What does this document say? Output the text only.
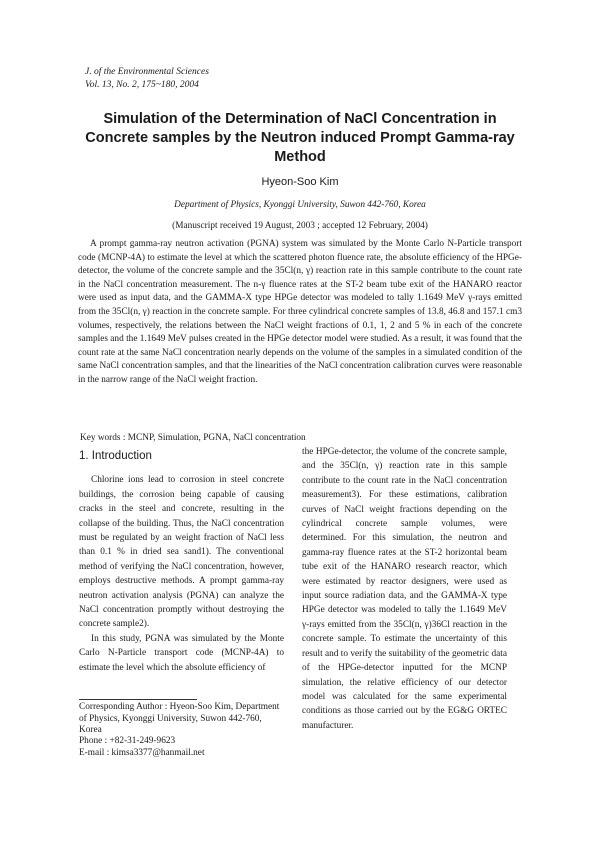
J. of the Environmental Sciences
Vol. 13, No. 2, 175~180, 2004
Simulation of the Determination of NaCl Concentration in
Concrete samples by the Neutron induced Prompt Gamma-ray
Method
Hyeon-Soo Kim
Department of Physics, Kyonggi University, Suwon 442-760, Korea
(Manuscript received 19 August, 2003 ; accepted 12 February, 2004)

A prompt gamma-ray neutron activation (PGNA) system was simulated by the Monte Carlo N-Particle transport code (MCNP-4A) to estimate the level at which the scattered photon fluence rate, the absolute efficiency of the HPGe-detector, the volume of the concrete sample and the 35Cl(n, γ) reaction rate in this sample contribute to the count rate in the NaCl concentration measurement. The n-γ fluence rates at the ST-2 beam tube exit of the HANARO reactor were used as input data, and the GAMMA-X type HPGe detector was modeled to tally 1.1649 MeV γ-rays emitted from the 35Cl(n, γ) reaction in the concrete sample. For three cylindrical concrete samples of 13.8, 46.8 and 157.1 cm3 volumes, respectively, the relations between the NaCl weight fractions of 0.1, 1, 2 and 5 % in each of the concrete samples and the 1.1649 MeV pulses created in the HPGe detector model were studied. As a result, it was found that the count rate at the same NaCl concentration nearly depends on the volume of the samples in a simulated condition of the same NaCl concentration samples, and that the linearities of the NaCl concentration calibration curves were reasonable in the narrow range of the NaCl weight fraction.

Key words : MCNP, Simulation, PGNA, NaCl concentration

1. Introduction

Chlorine ions lead to corrosion in steel concrete buildings, the corrosion being capable of causing cracks in the steel and concrete, resulting in the collapse of the building. Thus, the NaCl concentration must be regulated by an weight fraction of NaCl less than 0.1 % in dried sea sand1). The conventional method of verifying the NaCl concentration, however, employs destructive methods. A prompt gamma-ray neutron activation analysis (PGNA) can analyze the NaCl concentration promptly without destroying the concrete sample2).

In this study, PGNA was simulated by the Monte Carlo N-Particle transport code (MCNP-4A) to estimate the level which the absolute efficiency of

Corresponding Author : Hyeon-Soo Kim, Department of Physics, Kyonggi University, Suwon 442-760, Korea

Phone : +82-31-249-9623

E-mail : kimsa3377@hanmail.net

the HPGe-detector, the volume of the concrete sample, and the 35Cl(n, γ) reaction rate in this sample contribute to the count rate in the NaCl concentration measurement3). For these estimations, calibration curves of NaCl weight fractions depending on the cylindrical concrete sample volumes, were determined. For this simulation, the neutron and gamma-ray fluence rates at the ST-2 horizontal beam tube exit of the HANARO research reactor, which were estimated by reactor designers, were used as input source radiation data, and the GAMMA-X type HPGe detector was modeled to tally the 1.1649 MeV γ-rays emitted from the 35Cl(n, γ)36Cl reaction in the concrete sample. To estimate the uncertainty of this result and to verify the suitability of the geometric data of the HPGe-detector inputted for the MCNP simulation, the relative efficiency of our detector model was calculated for the same experimental conditions as those carried out by the EG&G ORTEC manufacturer.
